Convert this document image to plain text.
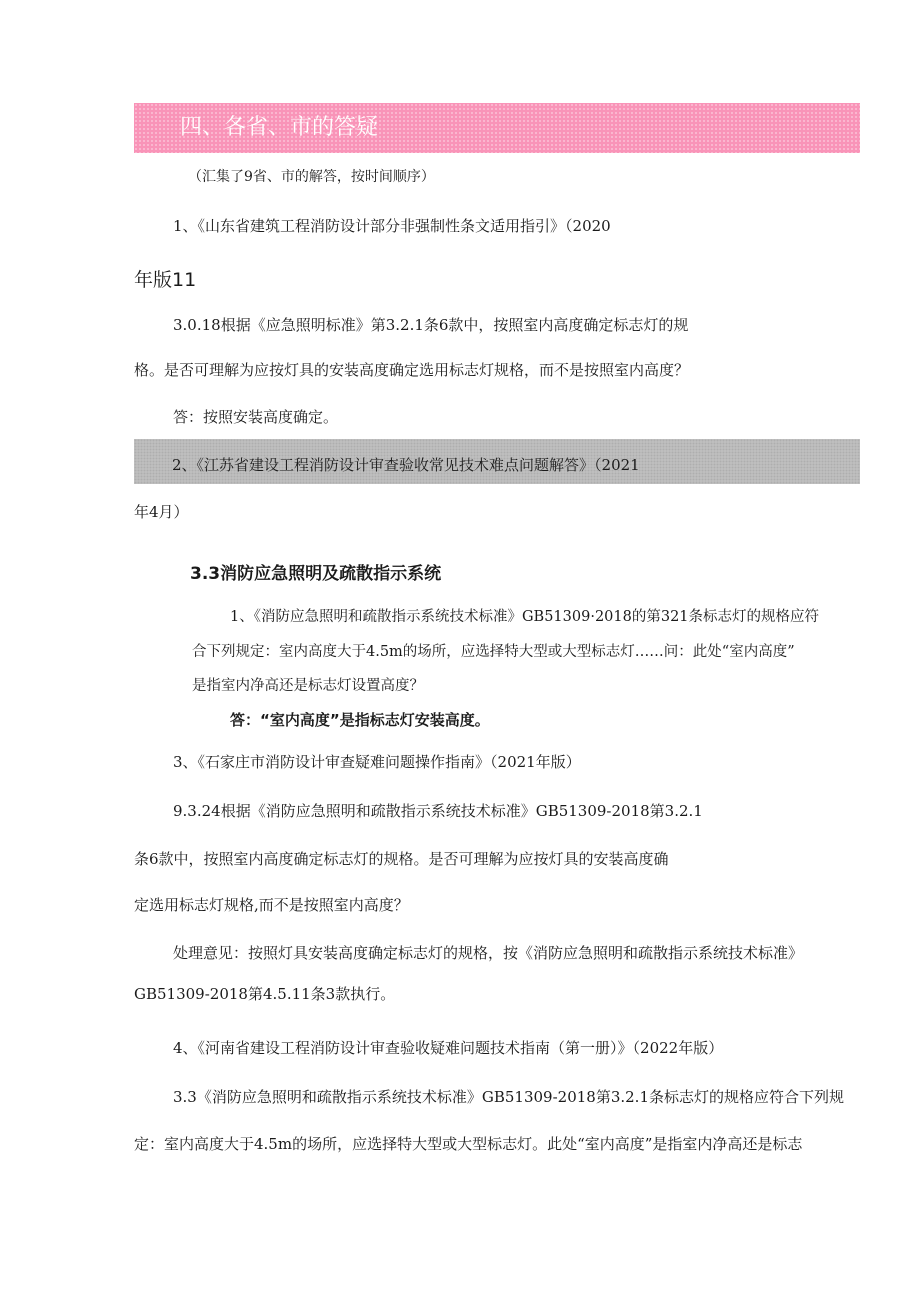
四、各省、市的答疑
（汇集了9省、市的解答，按时间顺序）
1、《山东省建筑工程消防设计部分非强制性条文适用指引》（2020
年版11
3.0.18根据《应急照明标准》第3.2.1条6款中，按照室内高度确定标志灯的规
格。是否可理解为应按灯具的安装高度确定选用标志灯规格，而不是按照室内高度？
答：按照安装高度确定。
2、《江苏省建设工程消防设计审查验收常见技术难点问题解答》（2021
年4月）
3.3消防应急照明及疏散指示系统
1、《消防应急照明和疏散指示系统技术标准》GB51309·2018的第321条标志灯的规格应符
合下列规定：室内高度大于4.5m的场所，应选择特大型或大型标志灯……问：此处“室内高度”
是指室内净高还是标志灯设置高度？
答：“室内高度”是指标志灯安装高度。
3、《石家庄市消防设计审查疑难问题操作指南》（2021年版）
9.3.24根据《消防应急照明和疏散指示系统技术标准》GB51309-2018第3.2.1
条6款中，按照室内高度确定标志灯的规格。是否可理解为应按灯具的安装高度确
定选用标志灯规格,而不是按照室内高度？
处理意见：按照灯具安装高度确定标志灯的规格，按《消防应急照明和疏散指示系统技术标准》
GB51309-2018第4.5.11条3款执行。
4、《河南省建设工程消防设计审查验收疑难问题技术指南（第一册）》（2022年版）
3.3《消防应急照明和疏散指示系统技术标准》GB51309-2018第3.2.1条标志灯的规格应符合下列规
定：室内高度大于4.5m的场所，应选择特大型或大型标志灯。此处“室内高度”是指室内净高还是标志
